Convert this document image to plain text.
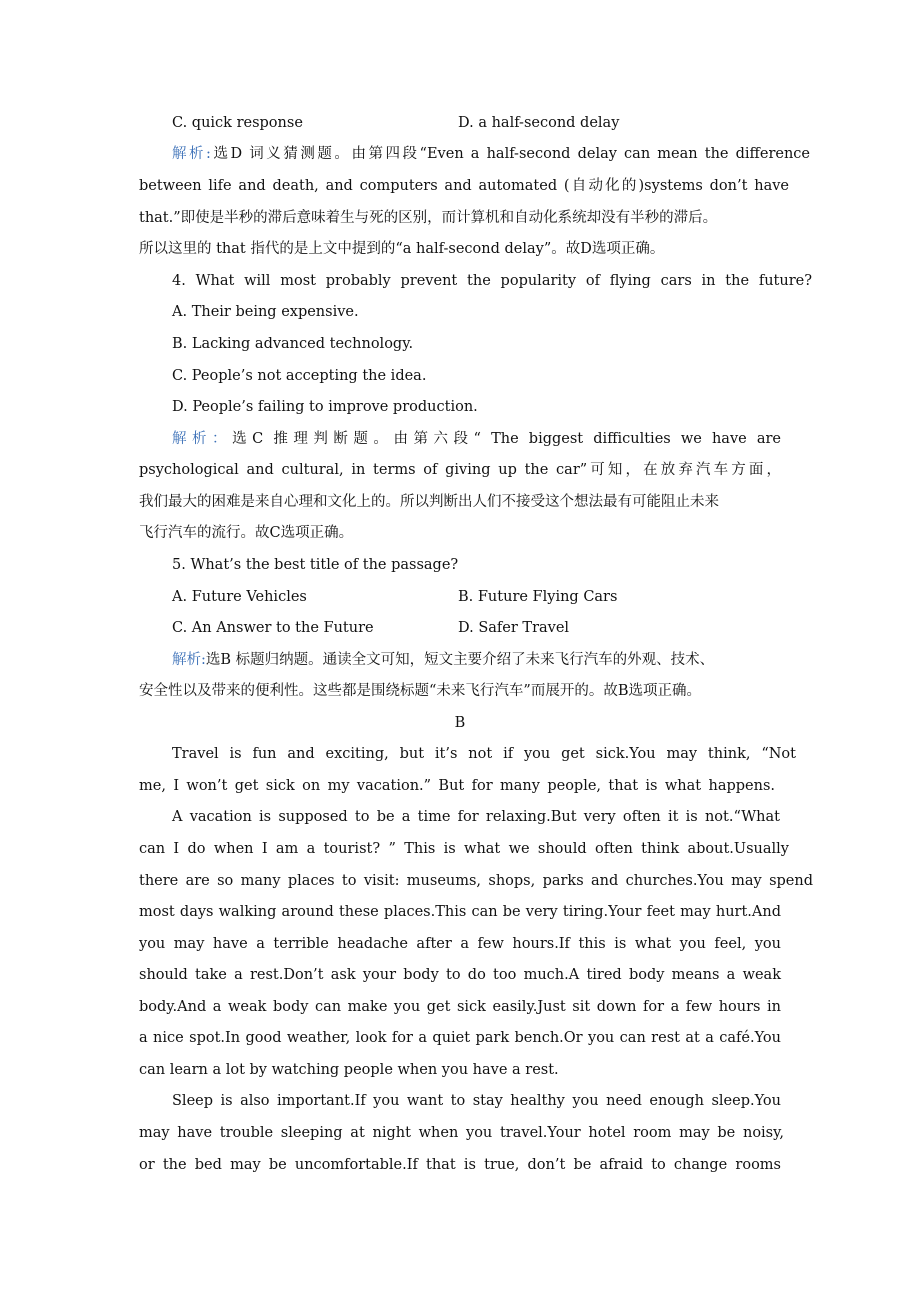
C. quick response	D. a half-second delay
解析:选D 词义猜测题。由第四段“Even a half-second delay can mean the difference
between life and death, and computers and automated (自动化的)systems don’t have
that.”即使是半秒的滞后意味着生与死的区别，而计算机和自动化系统却没有半秒的滞后。
所以这里的 that 指代的是上文中提到的“a half-second delay”。故D选项正确。
4. What will most probably prevent the popularity of flying cars in the future?
A. Their being expensive.
B. Lacking advanced technology.
C. People’s not accepting the idea.
D. People’s failing to improve production.
解析：选C 推理判断题。由第六段“ The biggest difficulties we have are
psychological and cultural, in terms of giving up the car”可知，在放弃汽车方面，
我们最大的困难是来自心理和文化上的。所以判断出人们不接受这个想法最有可能阻止未来
飞行汽车的流行。故C选项正确。
5. What’s the best title of the passage?
A. Future Vehicles	B. Future Flying Cars
C. An Answer to the Future	D. Safer Travel
解析:选B 标题归纳题。通读全文可知，短文主要介绍了未来飞行汽车的外观、技术、
安全性以及带来的便利性。这些都是围绕标题“未来飞行汽车”而展开的。故B选项正确。
B
Travel is fun and exciting, but it’s not if you get sick.You may think, “Not
me, I won’t get sick on my vacation.” But for many people, that is what happens.
A vacation is supposed to be a time for relaxing.But very often it is not.“What
can I do when I am a tourist? ” This is what we should often think about.Usually
there are so many places to visit: museums, shops, parks and churches.You may spend
most days walking around these places.This can be very tiring.Your feet may hurt.And
you may have a terrible headache after a few hours.If this is what you feel, you
should take a rest.Don’t ask your body to do too much.A tired body means a weak
body.And a weak body can make you get sick easily.Just sit down for a few hours in
a nice spot.In good weather, look for a quiet park bench.Or you can rest at a café.You
can learn a lot by watching people when you have a rest.
Sleep is also important.If you want to stay healthy you need enough sleep.You
may have trouble sleeping at night when you travel.Your hotel room may be noisy,
or the bed may be uncomfortable.If that is true, don’t be afraid to change rooms
